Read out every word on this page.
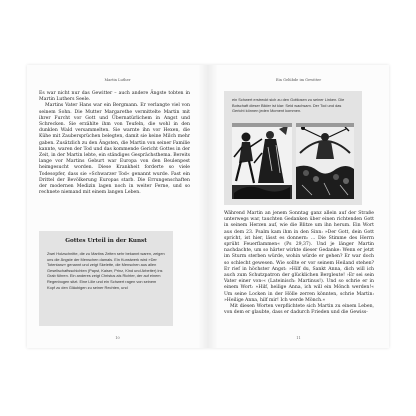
Martin Luther

Es war nicht nur das Gewitter – auch andere Ängste tobten in Martin Luthers Seele.

Martins Vater Hans war ein Bergmann. Er verlangte viel von seinem Sohn. Die Mutter Margarethe vermittelte Martin mit ihrer Furcht vor Gott und Übernatürlichem in Angst und Schrecken. Sie erzählte ihm von Teufeln, die wohl in den dunklen Wald versammelten. Sie warnte ihn vor Hexen, die Kühe mit Zaubersprüchen belegten, damit sie keine Milch mehr gaben. Zusätzlich zu den Ängsten, die Martin von seiner Familie kannte, waren der Tod und das kommende Gericht Gottes in der Zeit, in der Martin lebte, ein ständiges Gesprächsthema. Bereits lange vor Martins Geburt war Europa von den Beulenpest heimgesucht worden. Diese Krankheit forderte so viele Todesopfer, dass sie »Schwarzer Tod« genannt wurde. Fast ein Drittel der Bevölkerung Europas starb. Die Errungenschaften der modernen Medizin lagen noch in weiter Ferne, und so rechnete niemand mit einem langen Leben.

Gottes Urteil in der Kunst
Zwei Holzschnitte, die zu Martins Zeiten sehr bekannt waren, zeigen uns die Ängste der Menschen damals. Ein Kunstwerk wird »Der Totentanz« genannt und zeigt Skelette, die Menschen aus allen Gesellschaftsschichten (Papst, Kaiser, Prinz, Kind und Arbeiter) ins Grab führen. Ein anderes zeigt Christus als Richter, der auf einem Regenbogen sitzt. Eine Lilie und ein Schwert ragen von seinem Kopf zu den Gläubigen zu seiner Rechten, und
10
Ein Gelübde im Gewitter
ein Schwert erstreckt sich zu den Gottlosen zu seiner Linken. Die Botschaft dieser Bilder ist klar: Seid wachsam. Der Tod und das Gericht können jeden Moment kommen.

Während Martin an jenem Sonntag ganz allein auf der Straße unterwegs war, tauchten Gedanken über einen richtenden Gott in seinem Herzen auf, wie die Blitze um ihn herum. Ein Wort aus dem 23. Psalm kam ihm in den Sinn: »Der Gott, dein Gott spricht, ist hier, lässt es donnern: ... Die Stimme des Herrn sprüht Feuerflammen« (Ps 29,37). Und je länger Martin nachdachte, um so härter wirkte dieser Gedanke: Wenn er jetzt im Sturm sterben würde, wohin würde er gehen? Er war doch so schlecht gewesen. Wie sollte er vor seinem Heiland stehen? Er rief in höchster Angst: »Hilf du, Sankt Anna, dich will ich auch zum Schutzpatron der glücklichen Bergleute! ›Er sei sein Vater einer von‹« (Lateinisch: Martinus!). Und so schrie er in einem Wort: »Hilf, heilige Anna, ich will ein Mönch werden!« Um seine Locken in der Hölle zerren könnten, schrie Martin: »Heilige Anna, hilf mir! Ich werde Mönch.«

Mit diesen Worten verpflichtete sich Martin zu einem Leben, von dem er glaubte, dass er dadurch Frieden und die Gewiss-

11
